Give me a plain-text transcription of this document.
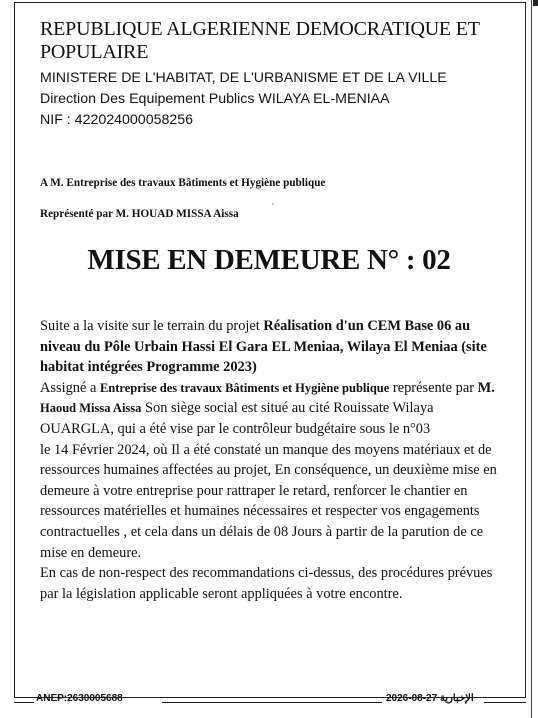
REPUBLIQUE ALGERIENNE DEMOCRATIQUE ET POPULAIRE
MINISTERE DE L'HABITAT, DE L'URBANISME ET DE LA VILLE
Direction Des Equipement Publics WILAYA EL-MENIAA
NIF : 422024000058256
A M. Entreprise des travaux Bâtiments et Hygiène publique
,
Représenté par M. HOUAD MISSA Aissa
MISE EN DEMEURE N° : 02
Suite a la visite sur le terrain du projet Réalisation d'un CEM Base 06 au
niveau du Pôle Urbain Hassi El Gara EL Meniaa, Wilaya El Meniaa (site
habitat intégrées Programme 2023)
Assigné a Entreprise des travaux Bâtiments et Hygiène publique représente par M.
Haoud Missa Aissa Son siège social est situé au cité Rouissate Wilaya
OUARGLA, qui a été vise par le contrôleur budgétaire sous le n°03
le 14 Février 2024, où Il a été constaté un manque des moyens matériaux et de
ressources humaines affectées au projet, En conséquence, un deuxième mise en
demeure à votre entreprise pour rattraper le retard, renforcer le chantier en
ressources matérielles et humaines nécessaires et respecter vos engagements
contractuelles , et cela dans un délais de 08 Jours à partir de la parution de ce
mise en demeure.
En cas de non-respect des recommandations ci-dessus, des procédures prévues
par la législation applicable seront appliquées à votre encontre.
ANEP:2630005688	2026-08-27 الإخبارية
